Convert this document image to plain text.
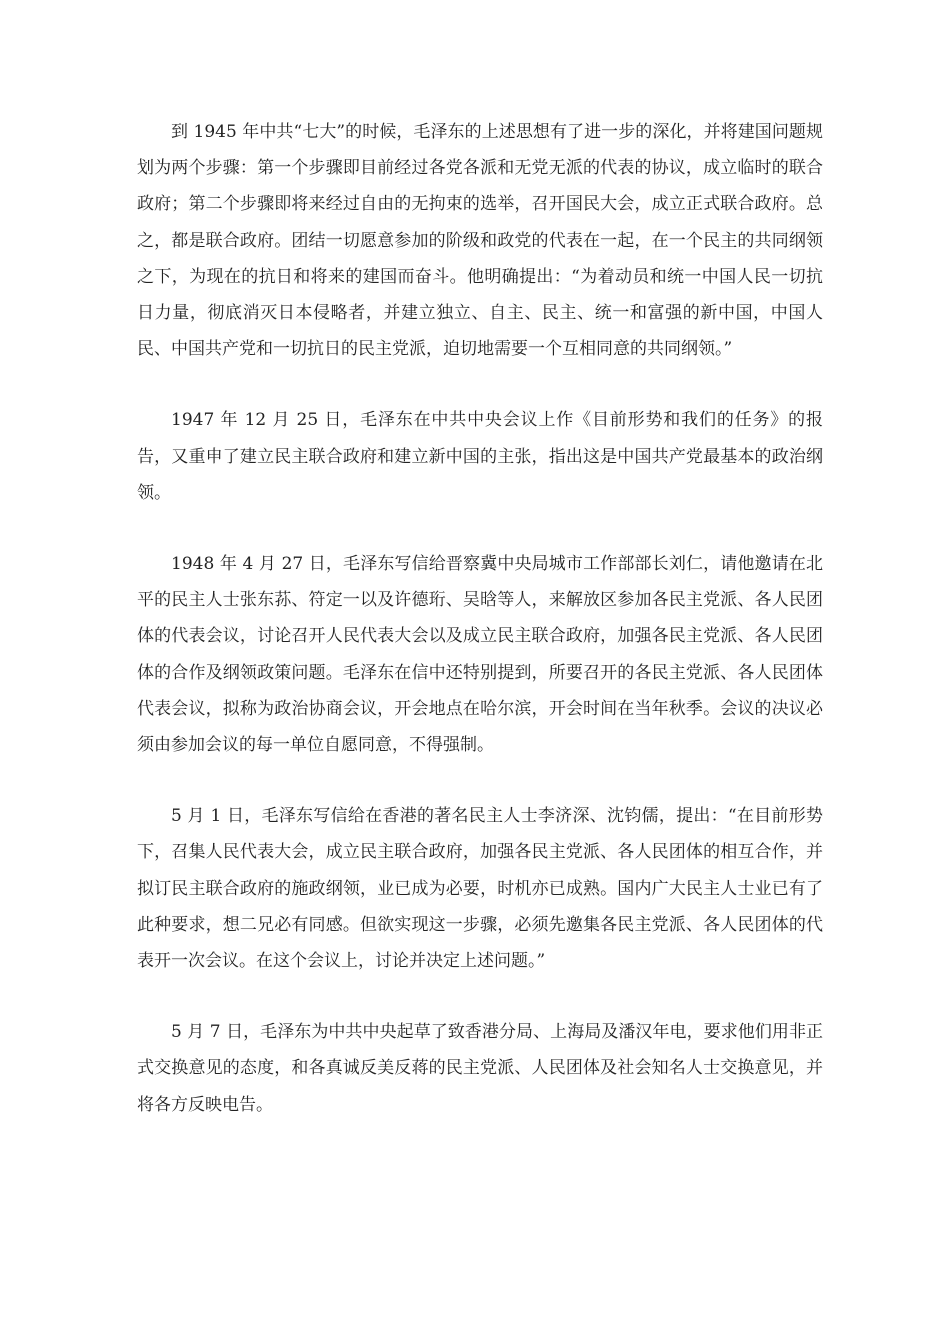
到 1945 年中共“七大”的时候，毛泽东的上述思想有了进一步的深化，并将建国问题规划为两个步骤：第一个步骤即目前经过各党各派和无党无派的代表的协议，成立临时的联合政府；第二个步骤即将来经过自由的无拘束的选举，召开国民大会，成立正式联合政府。总之，都是联合政府。团结一切愿意参加的阶级和政党的代表在一起，在一个民主的共同纲领之下，为现在的抗日和将来的建国而奋斗。他明确提出：“为着动员和统一中国人民一切抗日力量，彻底消灭日本侵略者，并建立独立、自主、民主、统一和富强的新中国，中国人民、中国共产党和一切抗日的民主党派，迫切地需要一个互相同意的共同纲领。”

1947 年 12 月 25 日，毛泽东在中共中央会议上作《目前形势和我们的任务》的报告，又重申了建立民主联合政府和建立新中国的主张，指出这是中国共产党最基本的政治纲领。

1948 年 4 月 27 日，毛泽东写信给晋察冀中央局城市工作部部长刘仁，请他邀请在北平的民主人士张东荪、符定一以及许德珩、吴晗等人，来解放区参加各民主党派、各人民团体的代表会议，讨论召开人民代表大会以及成立民主联合政府，加强各民主党派、各人民团体的合作及纲领政策问题。毛泽东在信中还特别提到，所要召开的各民主党派、各人民团体代表会议，拟称为政治协商会议，开会地点在哈尔滨，开会时间在当年秋季。会议的决议必须由参加会议的每一单位自愿同意，不得强制。

5 月 1 日，毛泽东写信给在香港的著名民主人士李济深、沈钧儒，提出：“在目前形势下，召集人民代表大会，成立民主联合政府，加强各民主党派、各人民团体的相互合作，并拟订民主联合政府的施政纲领，业已成为必要，时机亦已成熟。国内广大民主人士业已有了此种要求，想二兄必有同感。但欲实现这一步骤，必须先邀集各民主党派、各人民团体的代表开一次会议。在这个会议上，讨论并决定上述问题。”

5 月 7 日，毛泽东为中共中央起草了致香港分局、上海局及潘汉年电，要求他们用非正式交换意见的态度，和各真诚反美反蒋的民主党派、人民团体及社会知名人士交换意见，并将各方反映电告。
